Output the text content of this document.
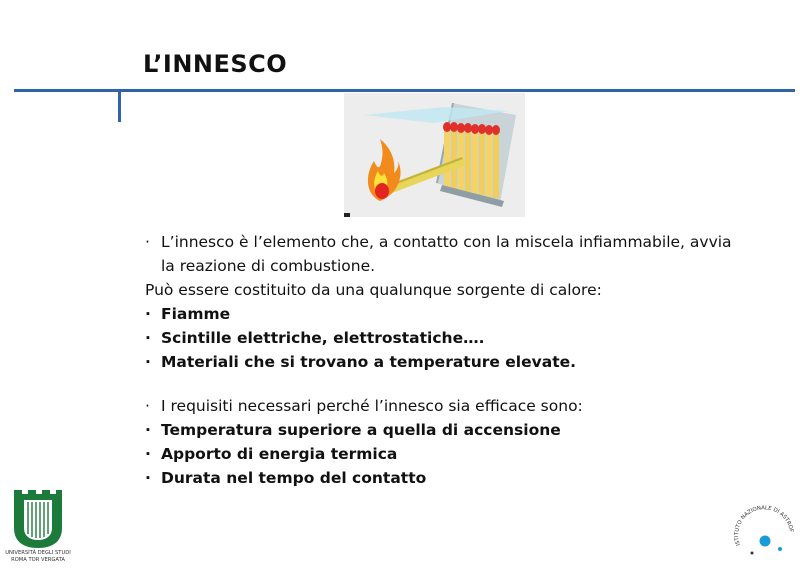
L’INNESCO
· L’innesco è l’elemento che, a contatto con la miscela infiammabile, avvia
la reazione di combustione.
Può essere costituito da una qualunque sorgente di calore:
· Fiamme
· Scintille elettriche, elettrostatiche….
· Materiali che si trovano a temperature elevate.
· I requisiti necessari perché l’innesco sia efficace sono:
· Temperatura superiore a quella di accensione
· Apporto di energia termica
· Durata nel tempo del contatto
UNIVERSITÀ DEGLI STUDI
ROMA TOR VERGATA
ISTITUTO NAZIONALE DI ASTROF
